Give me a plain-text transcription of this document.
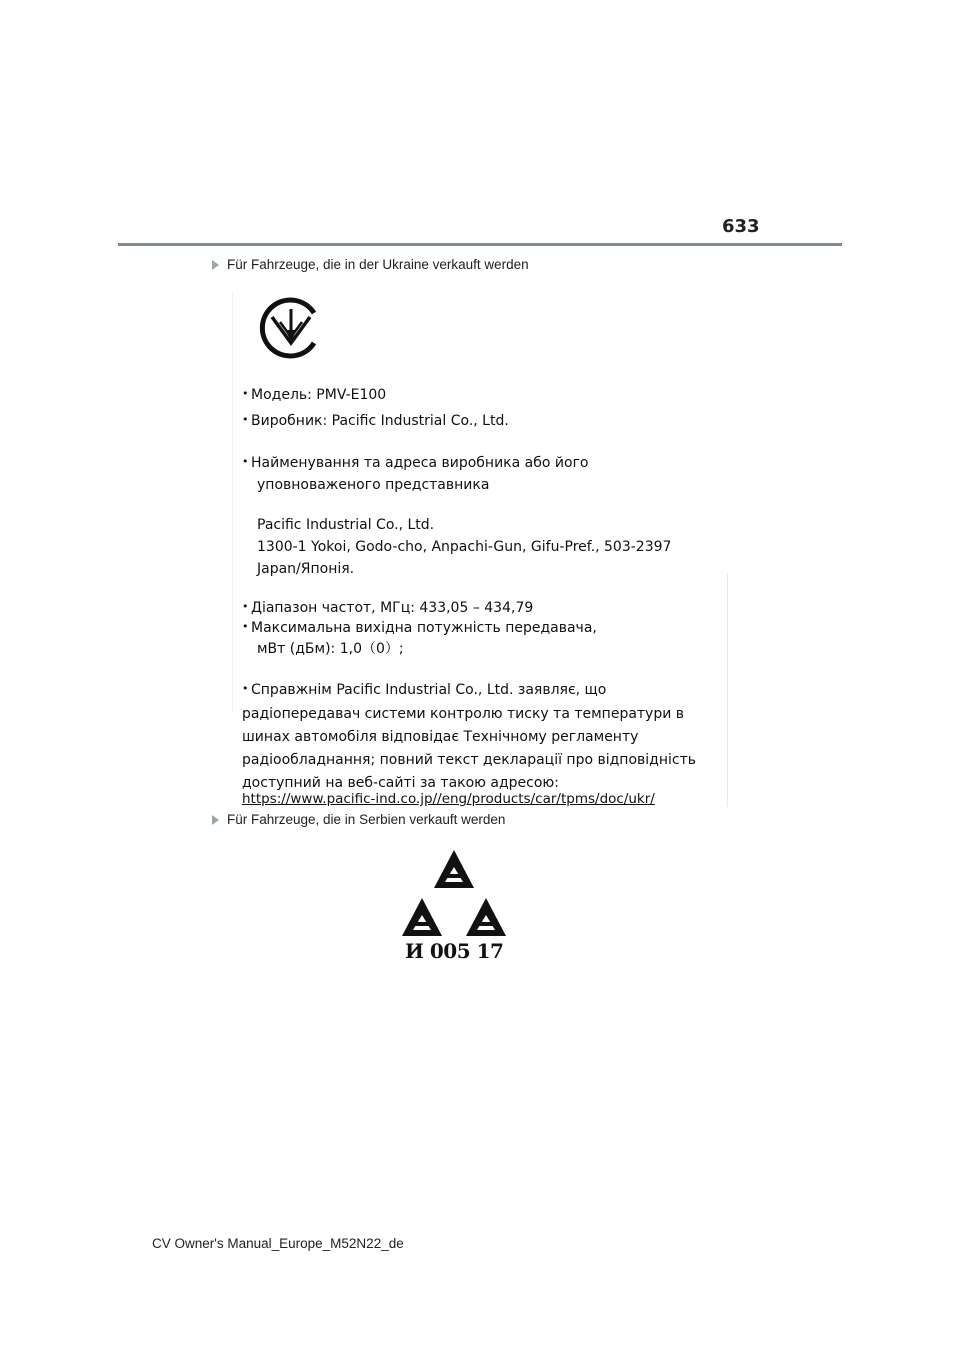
633
Für Fahrzeuge, die in der Ukraine verkauft werden
• Модель: PMV-E100
• Виробник: Pacific Industrial Co., Ltd.
• Найменування та адреса виробника або його
уповноваженого представника
Pacific Industrial Co., Ltd.
1300-1 Yokoi, Godo-cho, Anpachi-Gun, Gifu-Pref., 503-2397
Japan/Японія.
• Діапазон частот, МГц: 433,05 – 434,79
• Максимальна вихідна потужність передавача,
мВт (дБм): 1,0（0）;
• Справжнім Pacific Industrial Co., Ltd. заявляє, що
радіопередавач системи контролю тиску та температури в
шинах автомобіля відповідає Технічному регламенту
радіообладнання; повний текст декларації про відповідність
доступний на веб-сайті за такою адресою:
https://www.pacific-ind.co.jp//eng/products/car/tpms/doc/ukr/
Für Fahrzeuge, die in Serbien verkauft werden
И 005 17
CV Owner's Manual_Europe_M52N22_de
